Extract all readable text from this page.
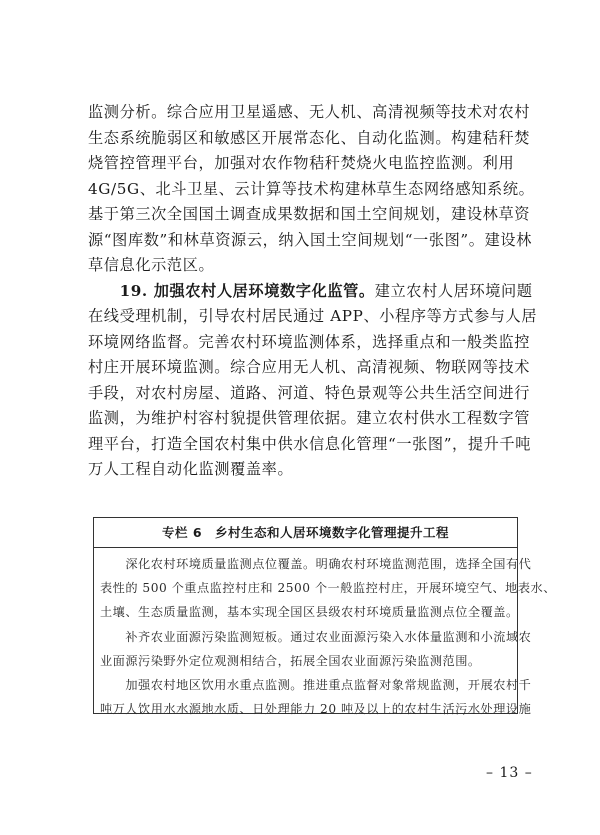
监测分析。综合应用卫星遥感、无人机、高清视频等技术对农村
生态系统脆弱区和敏感区开展常态化、自动化监测。构建秸秆焚
烧管控管理平台，加强对农作物秸秆焚烧火电监控监测。利用
4G/5G、北斗卫星、云计算等技术构建林草生态网络感知系统。
基于第三次全国国土调查成果数据和国土空间规划，建设林草资
源“图库数”和林草资源云，纳入国土空间规划“一张图”。建设林
草信息化示范区。
　　19. 加强农村人居环境数字化监管。建立农村人居环境问题
在线受理机制，引导农村居民通过 APP、小程序等方式参与人居
环境网络监督。完善农村环境监测体系，选择重点和一般类监控
村庄开展环境监测。综合应用无人机、高清视频、物联网等技术
手段，对农村房屋、道路、河道、特色景观等公共生活空间进行
监测，为维护村容村貌提供管理依据。建立农村供水工程数字管
理平台，打造全国农村集中供水信息化管理“一张图”，提升千吨
万人工程自动化监测覆盖率。
专栏 6　乡村生态和人居环境数字化管理提升工程
　　深化农村环境质量监测点位覆盖。明确农村环境监测范围，选择全国有代
表性的 500 个重点监控村庄和 2500 个一般监控村庄，开展环境空气、地表水、
土壤、生态质量监测，基本实现全国区县级农村环境质量监测点位全覆盖。
　　补齐农业面源污染监测短板。通过农业面源污染入水体量监测和小流域农
业面源污染野外定位观测相结合，拓展全国农业面源污染监测范围。
　　加强农村地区饮用水重点监测。推进重点监督对象常规监测，开展农村千
吨万人饮用水水源地水质、日处理能力 20 吨及以上的农村生活污水处理设施
– 13 –
